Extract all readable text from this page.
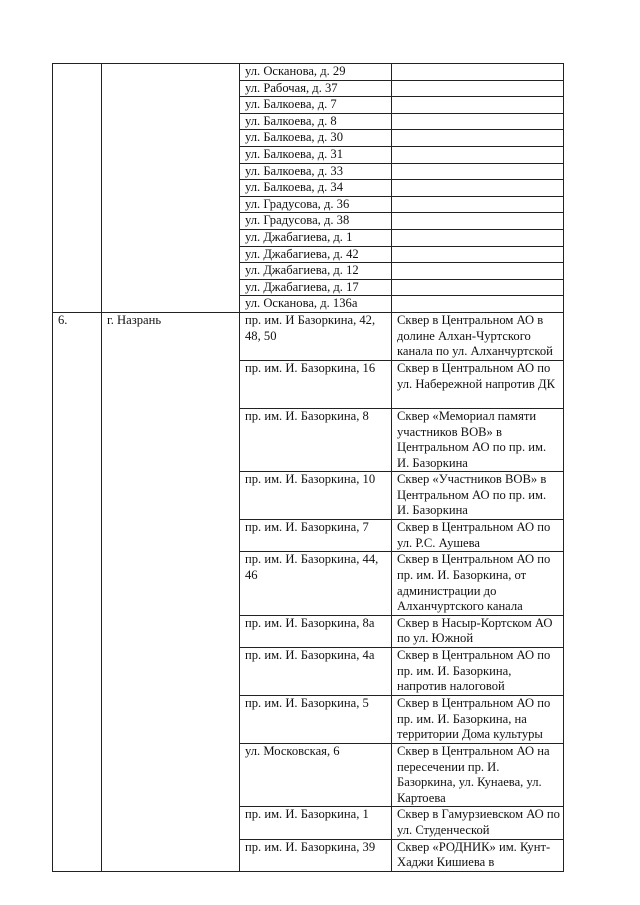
		ул. Осканова, д. 29	
		ул. Рабочая, д. 37	
		ул. Балкоева, д. 7	
		ул. Балкоева, д. 8	
		ул. Балкоева, д. 30	
		ул. Балкоева, д. 31	
		ул. Балкоева, д. 33	
		ул. Балкоева, д. 34	
		ул. Градусова, д. 36	
		ул. Градусова, д. 38	
		ул. Джабагиева, д. 1	
		ул. Джабагиева, д. 42	
		ул. Джабагиева, д. 12	
		ул. Джабагиева, д. 17	
		ул. Осканова, д. 136а	
6.	г. Назрань	пр. им. И Базоркина, 42, 48, 50	Сквер в Центральном АО в долине Алхан-Чуртского канала по ул. Алханчуртской
		пр. им. И. Базоркина, 16	Сквер в Центральном АО по ул. Набережной напротив ДК
		пр. им. И. Базоркина, 8	Сквер «Мемориал памяти участников ВОВ» в Центральном АО по пр. им. И. Базоркина
		пр. им. И. Базоркина, 10	Сквер «Участников ВОВ» в Центральном АО по пр. им. И. Базоркина
		пр. им. И. Базоркина, 7	Сквер в Центральном АО по ул. Р.С. Аушева
		пр. им. И. Базоркина, 44, 46	Сквер в Центральном АО по пр. им. И. Базоркина, от администрации до Алханчуртского канала
		пр. им. И. Базоркина, 8а	Сквер в Насыр-Кортском АО по ул. Южной
		пр. им. И. Базоркина, 4а	Сквер в Центральном АО по пр. им. И. Базоркина, напротив налоговой
		пр. им. И. Базоркина, 5	Сквер в Центральном АО по пр. им. И. Базоркина, на территории Дома культуры
		ул. Московская, 6	Сквер в Центральном АО на пересечении пр. И. Базоркина, ул. Кунаева, ул. Картоева
		пр. им. И. Базоркина, 1	Сквер в Гамурзиевском АО по ул. Студенческой
		пр. им. И. Базоркина, 39	Сквер «РОДНИК» им. Кунт-Хаджи Кишиева в
